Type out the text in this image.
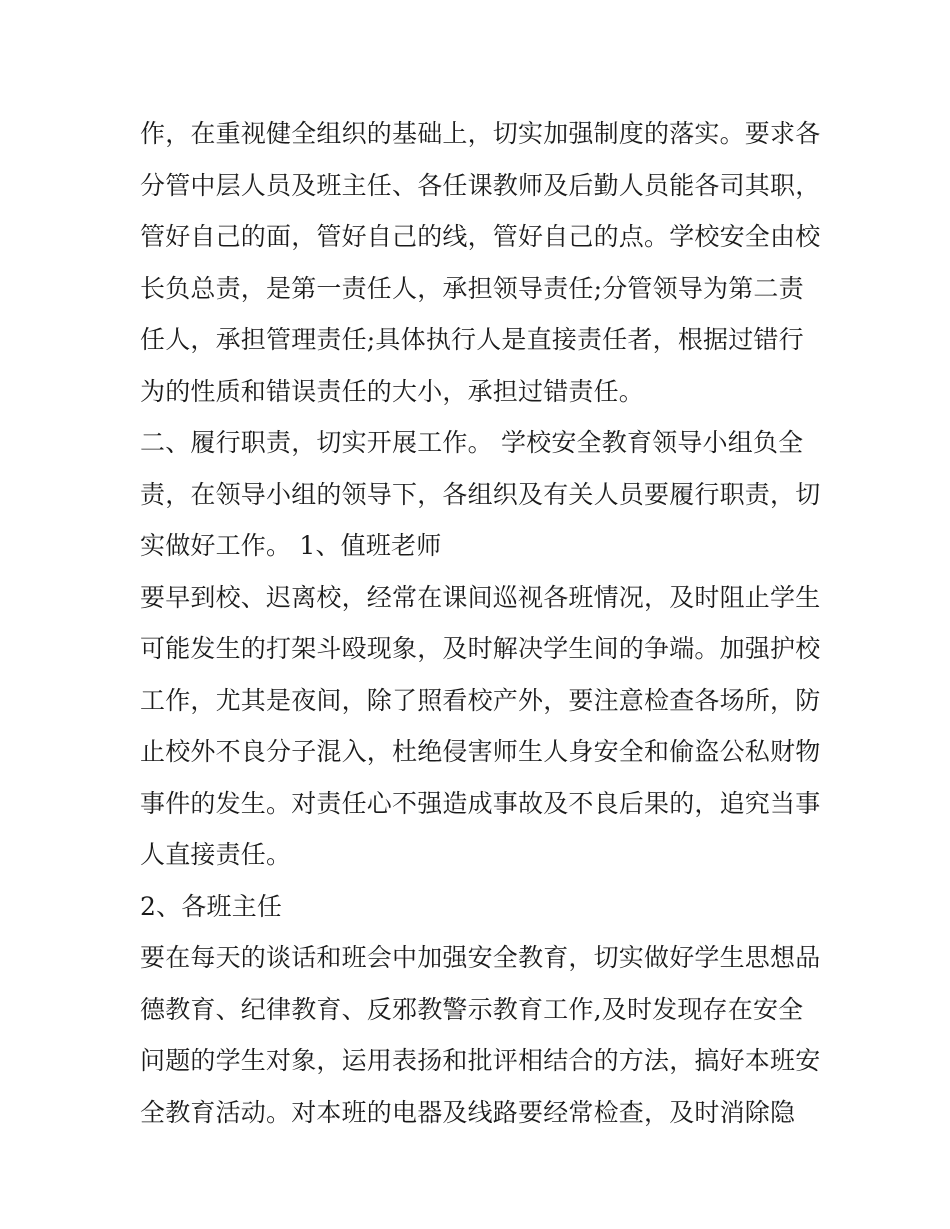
作，在重视健全组织的基础上，切实加强制度的落实。要求各
分管中层人员及班主任、各任课教师及后勤人员能各司其职，
管好自己的面，管好自己的线，管好自己的点。学校安全由校
长负总责，是第一责任人，承担领导责任;分管领导为第二责
任人，承担管理责任;具体执行人是直接责任者，根据过错行
为的性质和错误责任的大小，承担过错责任。
二、履行职责，切实开展工作。 学校安全教育领导小组负全
责，在领导小组的领导下，各组织及有关人员要履行职责，切
实做好工作。 1、值班老师
要早到校、迟离校，经常在课间巡视各班情况，及时阻止学生
可能发生的打架斗殴现象，及时解决学生间的争端。加强护校
工作，尤其是夜间，除了照看校产外，要注意检查各场所，防
止校外不良分子混入，杜绝侵害师生人身安全和偷盗公私财物
事件的发生。对责任心不强造成事故及不良后果的，追究当事
人直接责任。
2、各班主任
要在每天的谈话和班会中加强安全教育，切实做好学生思想品
德教育、纪律教育、反邪教警示教育工作,及时发现存在安全
问题的学生对象，运用表扬和批评相结合的方法，搞好本班安
全教育活动。对本班的电器及线路要经常检查，及时消除隐
